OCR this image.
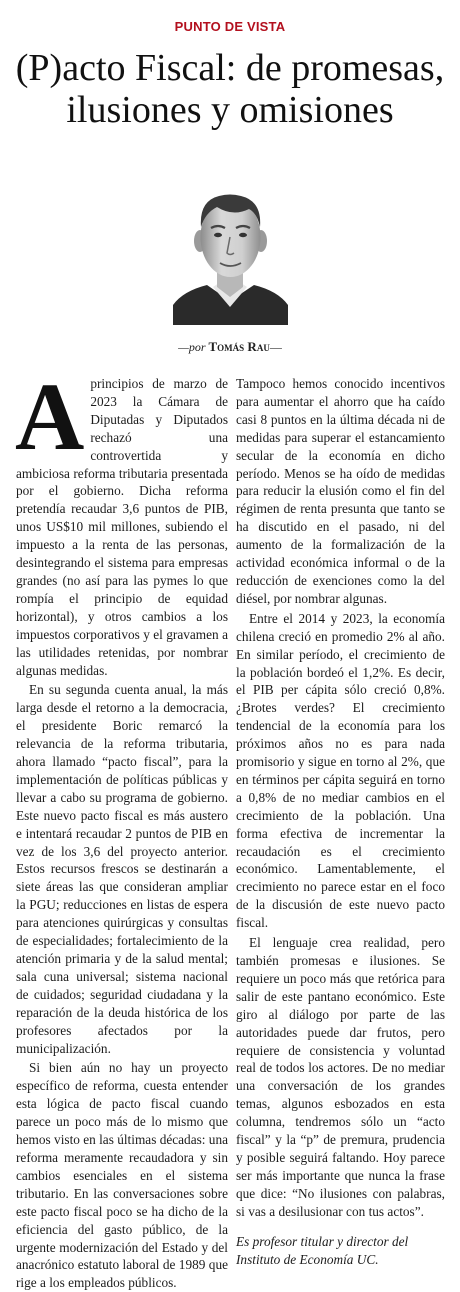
PUNTO DE VISTA
(P)acto Fiscal: de promesas, ilusiones y omisiones
—por Tomás Rau—

Aprincipios de marzo de 2023 la Cámara de Diputadas y Diputados rechazó una controvertida y ambiciosa reforma tributaria presentada por el gobierno. Dicha reforma pretendía recaudar 3,6 puntos de PIB, unos US$10 mil millones, subiendo el impuesto a la renta de las personas, desintegrando el sistema para empresas grandes (no así para las pymes lo que rompía el principio de equidad horizontal), y otros cambios a los impuestos corporativos y el gravamen a las utilidades retenidas, por nombrar algunas medidas.

En su segunda cuenta anual, la más larga desde el retorno a la democracia, el presidente Boric remarcó la relevancia de la reforma tributaria, ahora llamado “pacto fiscal”, para la implementación de políticas públicas y llevar a cabo su programa de gobierno. Este nuevo pacto fiscal es más austero e intentará recaudar 2 puntos de PIB en vez de los 3,6 del proyecto anterior. Estos recursos frescos se destinarán a siete áreas las que consideran ampliar la PGU; reducciones en listas de espera para atenciones quirúrgicas y consultas de especialidades; fortalecimiento de la atención primaria y de la salud mental; sala cuna universal; sistema nacional de cuidados; seguridad ciudadana y la reparación de la deuda histórica de los profesores afectados por la municipalización.

Si bien aún no hay un proyecto específico de reforma, cuesta entender esta lógica de pacto fiscal cuando parece un poco más de lo mismo que hemos visto en las últimas décadas: una reforma meramente recaudadora y sin cambios esenciales en el sistema tributario. En las conversaciones sobre este pacto fiscal poco se ha dicho de la eficiencia del gasto público, de la urgente modernización del Estado y del anacrónico estatuto laboral de 1989 que rige a los empleados públicos.

Tampoco hemos conocido incentivos para aumentar el ahorro que ha caído casi 8 puntos en la última década ni de medidas para superar el estancamiento secular de la economía en dicho período. Menos se ha oído de medidas para reducir la elusión como el fin del régimen de renta presunta que tanto se ha discutido en el pasado, ni del aumento de la formalización de la actividad económica informal o de la reducción de exenciones como la del diésel, por nombrar algunas.

Entre el 2014 y 2023, la economía chilena creció en promedio 2% al año. En similar período, el crecimiento de la población bordeó el 1,2%. Es decir, el PIB per cápita sólo creció 0,8%. ¿Brotes verdes? El crecimiento tendencial de la economía para los próximos años no es para nada promisorio y sigue en torno al 2%, que en términos per cápita seguirá en torno a 0,8% de no mediar cambios en el crecimiento de la población. Una forma efectiva de incrementar la recaudación es el crecimiento económico. Lamentablemente, el crecimiento no parece estar en el foco de la discusión de este nuevo pacto fiscal.

El lenguaje crea realidad, pero también promesas e ilusiones. Se requiere un poco más que retórica para salir de este pantano económico. Este giro al diálogo por parte de las autoridades puede dar frutos, pero requiere de consistencia y voluntad real de todos los actores. De no mediar una conversación de los grandes temas, algunos esbozados en esta columna, tendremos sólo un “acto fiscal” y la “p” de premura, prudencia y posible seguirá faltando. Hoy parece ser más importante que nunca la frase que dice: “No ilusiones con palabras, si vas a desilusionar con tus actos”.

Es profesor titular y director del Instituto de Economía UC.
